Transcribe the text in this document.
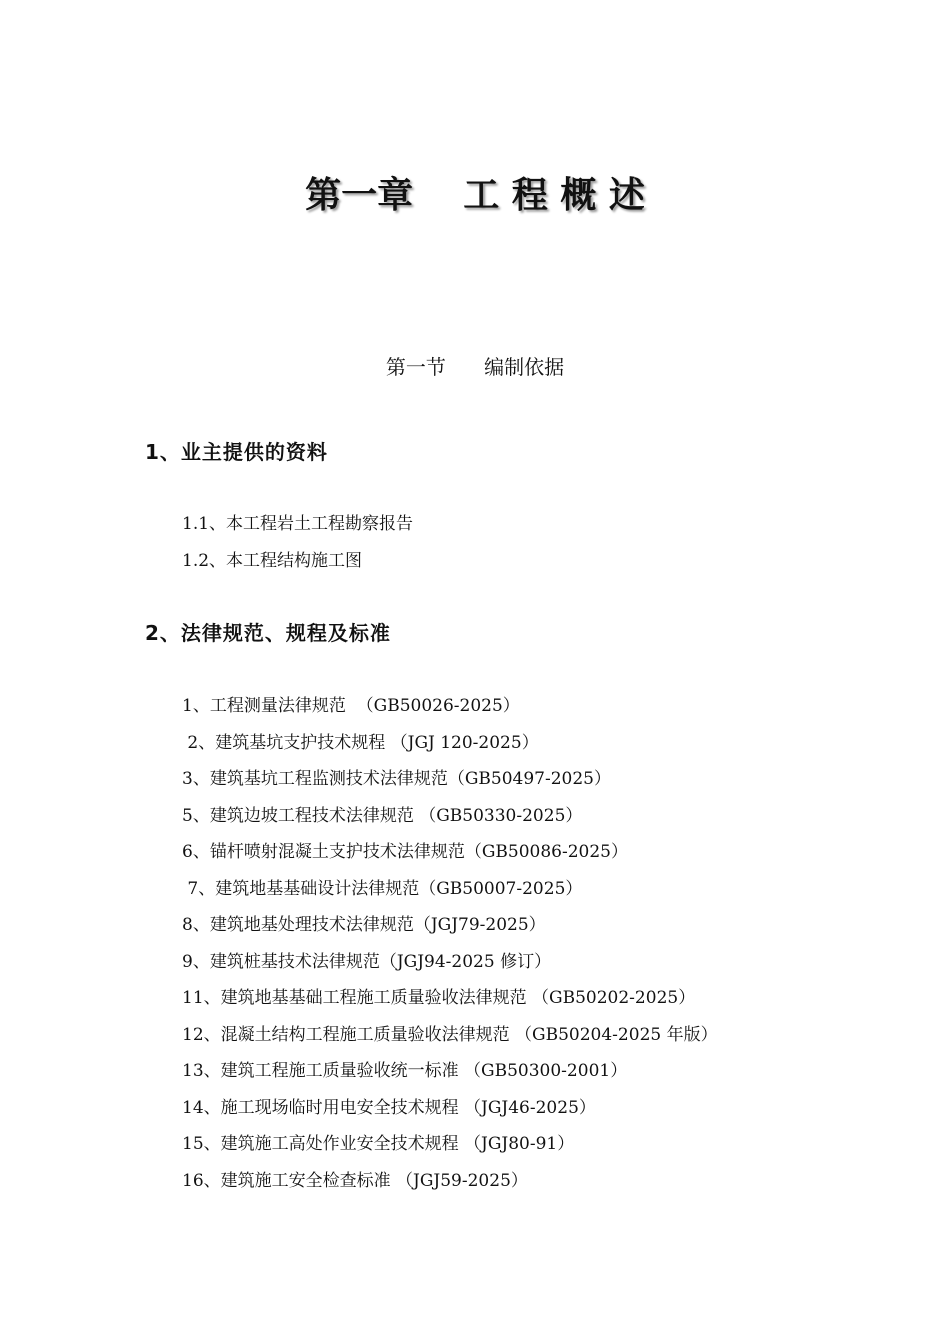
第一章    工 程 概 述
第一节      编制依据
1、业主提供的资料
1.1、本工程岩土工程勘察报告
1.2、本工程结构施工图
2、法律规范、规程及标准
1、工程测量法律规范  （GB50026-2025）
2、建筑基坑支护技术规程 （JGJ 120-2025）
3、建筑基坑工程监测技术法律规范（GB50497-2025）
5、建筑边坡工程技术法律规范 （GB50330-2025）
6、锚杆喷射混凝土支护技术法律规范（GB50086-2025）
7、建筑地基基础设计法律规范（GB50007-2025）
8、建筑地基处理技术法律规范（JGJ79-2025）
9、建筑桩基技术法律规范（JGJ94-2025 修订）
11、建筑地基基础工程施工质量验收法律规范 （GB50202-2025）
12、混凝土结构工程施工质量验收法律规范 （GB50204-2025 年版）
13、建筑工程施工质量验收统一标准 （GB50300-2001）
14、施工现场临时用电安全技术规程 （JGJ46-2025）
15、建筑施工高处作业安全技术规程 （JGJ80-91）
16、建筑施工安全检查标准 （JGJ59-2025）
